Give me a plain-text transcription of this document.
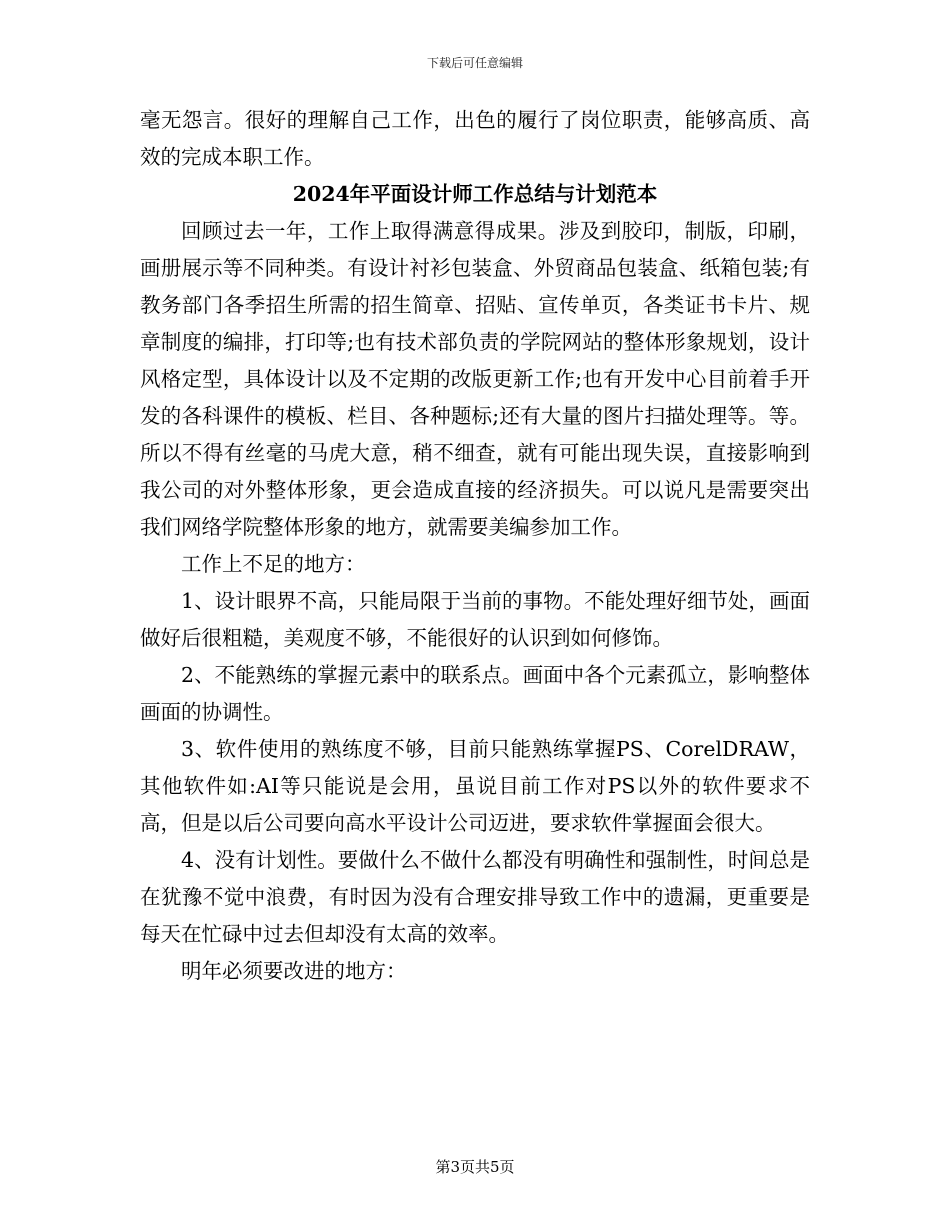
下载后可任意编辑

毫无怨言。很好的理解自己工作，出色的履行了岗位职责，能够高质、高效的完成本职工作。

2024年平面设计师工作总结与计划范本

回顾过去一年，工作上取得满意得成果。涉及到胶印，制版，印刷，画册展示等不同种类。有设计衬衫包装盒、外贸商品包装盒、纸箱包装;有教务部门各季招生所需的招生简章、招贴、宣传单页，各类证书卡片、规章制度的编排，打印等;也有技术部负责的学院网站的整体形象规划，设计风格定型，具体设计以及不定期的改版更新工作;也有开发中心目前着手开发的各科课件的模板、栏目、各种题标;还有大量的图片扫描处理等。等。所以不得有丝毫的马虎大意，稍不细查，就有可能出现失误，直接影响到我公司的对外整体形象，更会造成直接的经济损失。可以说凡是需要突出我们网络学院整体形象的地方，就需要美编参加工作。

工作上不足的地方：

1、设计眼界不高，只能局限于当前的事物。不能处理好细节处，画面做好后很粗糙，美观度不够，不能很好的认识到如何修饰。

2、不能熟练的掌握元素中的联系点。画面中各个元素孤立，影响整体画面的协调性。

3、软件使用的熟练度不够，目前只能熟练掌握PS、CorelDRAW，其他软件如:AI等只能说是会用，虽说目前工作对PS以外的软件要求不高，但是以后公司要向高水平设计公司迈进，要求软件掌握面会很大。

4、没有计划性。要做什么不做什么都没有明确性和强制性，时间总是在犹豫不觉中浪费，有时因为没有合理安排导致工作中的遗漏，更重要是每天在忙碌中过去但却没有太高的效率。

明年必须要改进的地方：

第3页共5页
